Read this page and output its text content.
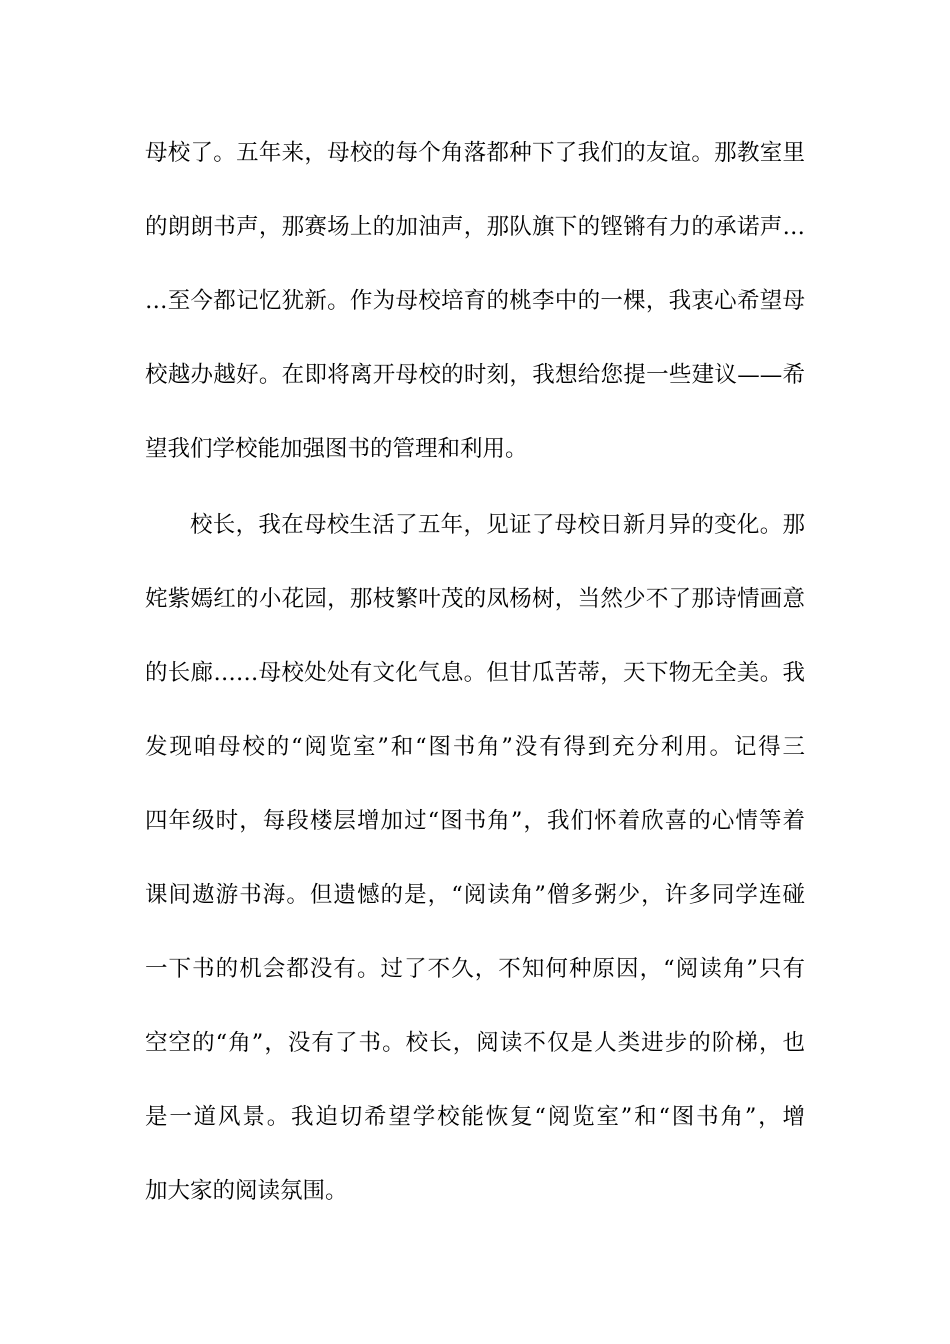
母校了。五年来，母校的每个角落都种下了我们的友谊。那教室里
的朗朗书声，那赛场上的加油声，那队旗下的铿锵有力的承诺声…
…至今都记忆犹新。作为母校培育的桃李中的一棵，我衷心希望母
校越办越好。在即将离开母校的时刻，我想给您提一些建议——希
望我们学校能加强图书的管理和利用。
校长，我在母校生活了五年，见证了母校日新月异的变化。那
姹紫嫣红的小花园，那枝繁叶茂的凤杨树，当然少不了那诗情画意
的长廊……母校处处有文化气息。但甘瓜苦蒂，天下物无全美。我
发现咱母校的“阅览室”和“图书角”没有得到充分利用。记得三
四年级时，每段楼层增加过“图书角”，我们怀着欣喜的心情等着
课间遨游书海。但遗憾的是，“阅读角”僧多粥少，许多同学连碰
一下书的机会都没有。过了不久，不知何种原因，“阅读角”只有
空空的“角”，没有了书。校长，阅读不仅是人类进步的阶梯，也
是一道风景。我迫切希望学校能恢复“阅览室”和“图书角”，增
加大家的阅读氛围。
